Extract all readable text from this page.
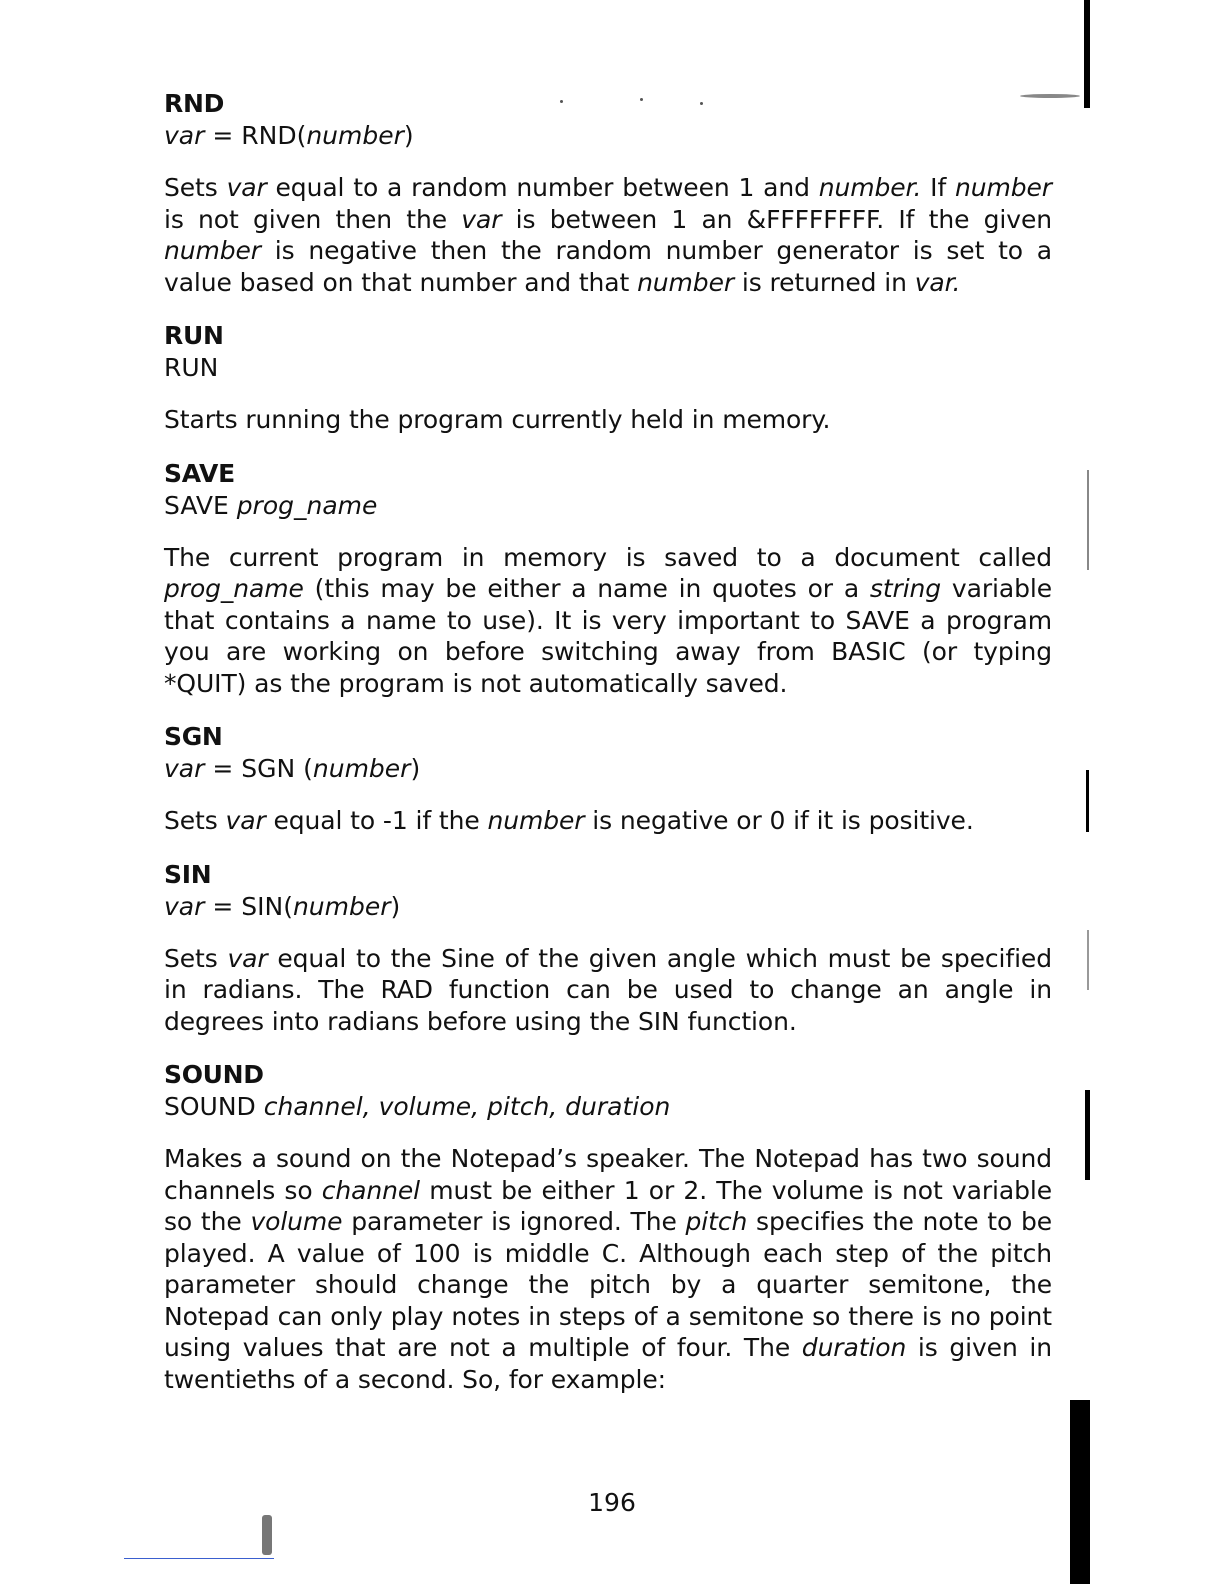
RND

var = RND(number)

Sets var equal to a random number between 1 and number. If number is not given then the var is between 1 an &FFFFFFFF. If the given number is negative then the random number generator is set to a value based on that number and that number is returned in var.

RUN

RUN

Starts running the program currently held in memory.

SAVE

SAVE prog_name

The current program in memory is saved to a document called prog_name (this may be either a name in quotes or a string variable that contains a name to use). It is very important to SAVE a program you are working on before switching away from BASIC (or typing *QUIT) as the program is not automatically saved.

SGN

var = SGN (number)

Sets var equal to -1 if the number is negative or 0 if it is positive.

SIN

var = SIN(number)

Sets var equal to the Sine of the given angle which must be specified in radians. The RAD function can be used to change an angle in degrees into radians before using the SIN function.

SOUND

SOUND channel, volume, pitch, duration

Makes a sound on the Notepad’s speaker. The Notepad has two sound channels so channel must be either 1 or 2. The volume is not variable so the volume parameter is ignored. The pitch specifies the note to be played. A value of 100 is middle C. Although each step of the pitch parameter should change the pitch by a quarter semitone, the Notepad can only play notes in steps of a semitone so there is no point using values that are not a multiple of four. The duration is given in twentieths of a second. So, for example:

196
